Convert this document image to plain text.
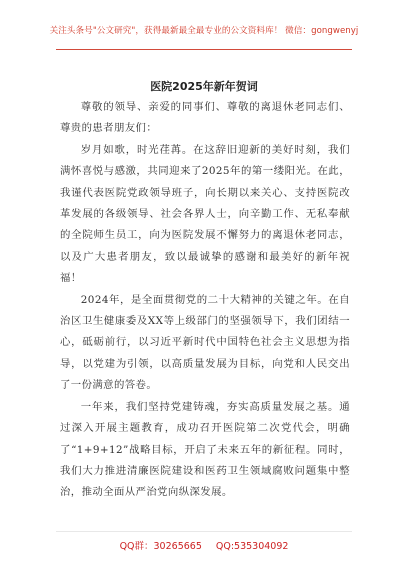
关注头条号"公文研究"，获得最新最全最专业的公文资料库！ 微信：gongwenyj
医院2025年新年贺词

尊敬的领导、亲爱的同事们、尊敬的离退休老同志们、尊贵的患者朋友们：

岁月如歌，时光荏苒。在这辞旧迎新的美好时刻，我们满怀喜悦与感激，共同迎来了2025年的第一缕阳光。在此，我谨代表医院党政领导班子，向长期以来关心、支持医院改革发展的各级领导、社会各界人士，向辛勤工作、无私奉献的全院师生员工，向为医院发展不懈努力的离退休老同志，以及广大患者朋友，致以最诚挚的感谢和最美好的新年祝福！

2024年，是全面贯彻党的二十大精神的关键之年。在自治区卫生健康委及XX等上级部门的坚强领导下，我们团结一心，砥砺前行，以习近平新时代中国特色社会主义思想为指导，以党建为引领，以高质量发展为目标，向党和人民交出了一份满意的答卷。

一年来，我们坚持党建铸魂，夯实高质量发展之基。通过深入开展主题教育，成功召开医院第二次党代会，明确了“1+9+12”战略目标，开启了未来五年的新征程。同时，我们大力推进清廉医院建设和医药卫生领域腐败问题集中整治，推动全面从严治党向纵深发展。

QQ群：30265665 QQ:535304092
